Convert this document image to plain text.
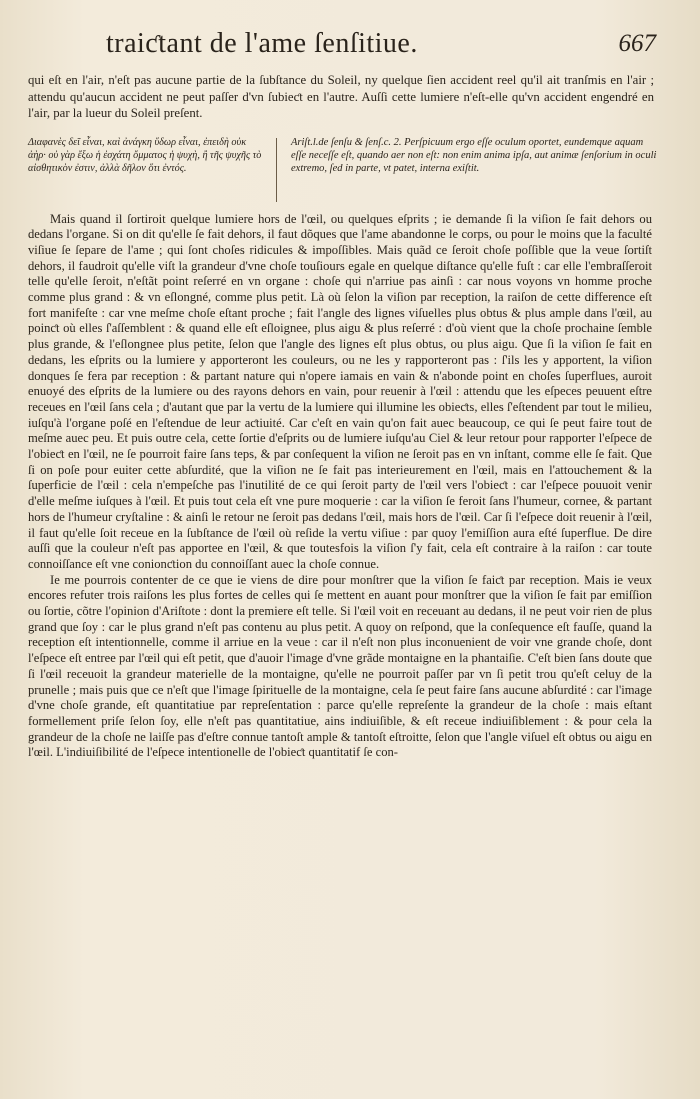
traiƈtant de l'ame ſenſitiue.	667

qui eſt en l'air, n'eſt pas aucune partie de la ſubſtance du Soleil, ny quelque ſien accident reel qu'il ait tranſmis en l'air ; attendu qu'aucun accident ne peut paſſer d'vn ſubieƈt en l'autre. Auſſi cette lumiere n'eſt-elle qu'vn accident engendré en l'air, par la lueur du Soleil preſent.

Διαφανὲς δεῖ εἶναι, καὶ ἀνάγκη ὕδωρ εἶναι, ἐπειδὴ οὐκ ἀὴρ· οὐ γὰρ ἔξω ἡ ἐσχάτη ὄμματος ἡ ψυχὴ, ἢ τῆς ψυχῆς τὸ αἰσθητικὸν ἐστιν, ἀλλὰ δῆλον ὅτι ἐντός.
Ariſt.l.de ſenſu & ſenſ.c. 2. Perſpicuum ergo eſſe oculum oportet, eundemque aquam eſſe neceſſe eſt, quando aer non eſt: non enim anima ipſa, aut animæ ſenſorium in oculi extremo, ſed in parte, vt patet, interna exiſtit.

Mais quand il ſortiroit quelque lumiere hors de l'œil, ou quelques eſprits ; ie demande ſi la viſion ſe fait dehors ou dedans l'organe. Si on dit qu'elle ſe fait dehors, il faut dõques que l'ame abandonne le corps, ou pour le moins que la faculté viſiue ſe ſepare de l'ame ; qui ſont choſes ridicules & impoſſibles. Mais quãd ce ſeroit choſe poſſible que la veue ſortiſt dehors, il faudroit qu'elle viſt la grandeur d'vne choſe touſiours egale en quelque diſtance qu'elle fuſt : car elle l'embraſſeroit telle qu'elle ſeroit, n'eſtãt point reſerré en vn organe : choſe qui n'arriue pas ainſi : car nous voyons vn homme proche comme plus grand : & vn eſlongné, comme plus petit. Là où ſelon la viſion par reception, la raiſon de cette difference eſt fort manifeſte : car vne meſme choſe eſtant proche ; fait l'angle des lignes viſuelles plus obtus & plus ample dans l'œil, au poinƈt où elles ſ'aſſemblent : & quand elle eſt eſloignee, plus aigu & plus reſerré : d'où vient que la choſe prochaine ſemble plus grande, & l'eſlongnee plus petite, ſelon que l'angle des lignes eſt plus obtus, ou plus aigu. Que ſi la viſion ſe fait en dedans, les eſprits ou la lumiere y apporteront les couleurs, ou ne les y rapporteront pas : ſ'ils les y apportent, la viſion donques ſe fera par reception : & partant nature qui n'opere iamais en vain & n'abonde point en choſes ſuperflues, auroit enuoyé des eſprits de la lumiere ou des rayons dehors en vain, pour reuenir à l'œil : attendu que les eſpeces peuuent eſtre receues en l'œil ſans cela ; d'autant que par la vertu de la lumiere qui illumine les obieƈts, elles ſ'eſtendent par tout le milieu, iuſqu'à l'organe poſé en l'eſtendue de leur aƈtiuité. Car c'eſt en vain qu'on fait auec beaucoup, ce qui ſe peut faire tout de meſme auec peu. Et puis outre cela, cette ſortie d'eſprits ou de lumiere iuſqu'au Ciel & leur retour pour rapporter l'eſpece de l'obieƈt en l'œil, ne ſe pourroit faire ſans teps, & par conſequent la viſion ne ſeroit pas en vn inſtant, comme elle ſe fait. Que ſi on poſe pour euiter cette abſurdité, que la viſion ne ſe fait pas interieurement en l'œil, mais en l'attouchement & la ſuperficie de l'œil : cela n'empeſche pas l'inutilité de ce qui ſeroit party de l'œil vers l'obieƈt : car l'eſpece pouuoit venir d'elle meſme iuſques à l'œil. Et puis tout cela eſt vne pure moquerie : car la viſion ſe feroit ſans l'humeur, cornee, & partant hors de l'humeur cryſtaline : & ainſi le retour ne ſeroit pas dedans l'œil, mais hors de l'œil. Car ſi l'eſpece doit reuenir à l'œil, il faut qu'elle ſoit receue en la ſubſtance de l'œil où reſide la vertu viſiue : par quoy l'emiſſion aura eſté ſuperflue. De dire auſſi que la couleur n'eſt pas apportee en l'œil, & que toutesfois la viſion ſ'y fait, cela eſt contraire à la raiſon : car toute connoiſſance eſt vne conionƈtion du connoiſſant auec la choſe connue.

Ie me pourrois contenter de ce que ie viens de dire pour monſtrer que la viſion ſe faiƈt par reception. Mais ie veux encores refuter trois raiſons les plus fortes de celles qui ſe mettent en auant pour monſtrer que la viſion ſe fait par emiſſion ou ſortie, cõtre l'opinion d'Ariſtote : dont la premiere eſt telle. Si l'œil voit en receuant au dedans, il ne peut voir rien de plus grand que ſoy : car le plus grand n'eſt pas contenu au plus petit. A quoy on reſpond, que la conſequence eſt fauſſe, quand la reception eſt intentionnelle, comme il arriue en la veue : car il n'eſt non plus inconuenient de voir vne grande choſe, dont l'eſpece eſt entree par l'œil qui eſt petit, que d'auoir l'image d'vne grãde montaigne en la phantaiſie. C'eſt bien ſans doute que ſi l'œil receuoit la grandeur materielle de la montaigne, qu'elle ne pourroit paſſer par vn ſi petit trou qu'eſt celuy de la prunelle ; mais puis que ce n'eſt que l'image ſpirituelle de la montaigne, cela ſe peut faire ſans aucune abſurdité : car l'image d'vne choſe grande, eſt quantitatiue par repreſentation : parce qu'elle repreſente la grandeur de la choſe : mais eſtant formellement priſe ſelon ſoy, elle n'eſt pas quantitatiue, ains indiuiſible, & eſt receue indiuiſiblement : & pour cela la grandeur de la choſe ne laiſſe pas d'eſtre connue tantoſt ample & tantoſt eſtroitte, ſelon que l'angle viſuel eſt obtus ou aigu en l'œil. L'indiuiſibilité de l'eſpece intentionelle de l'obieƈt quantitatif ſe con-
